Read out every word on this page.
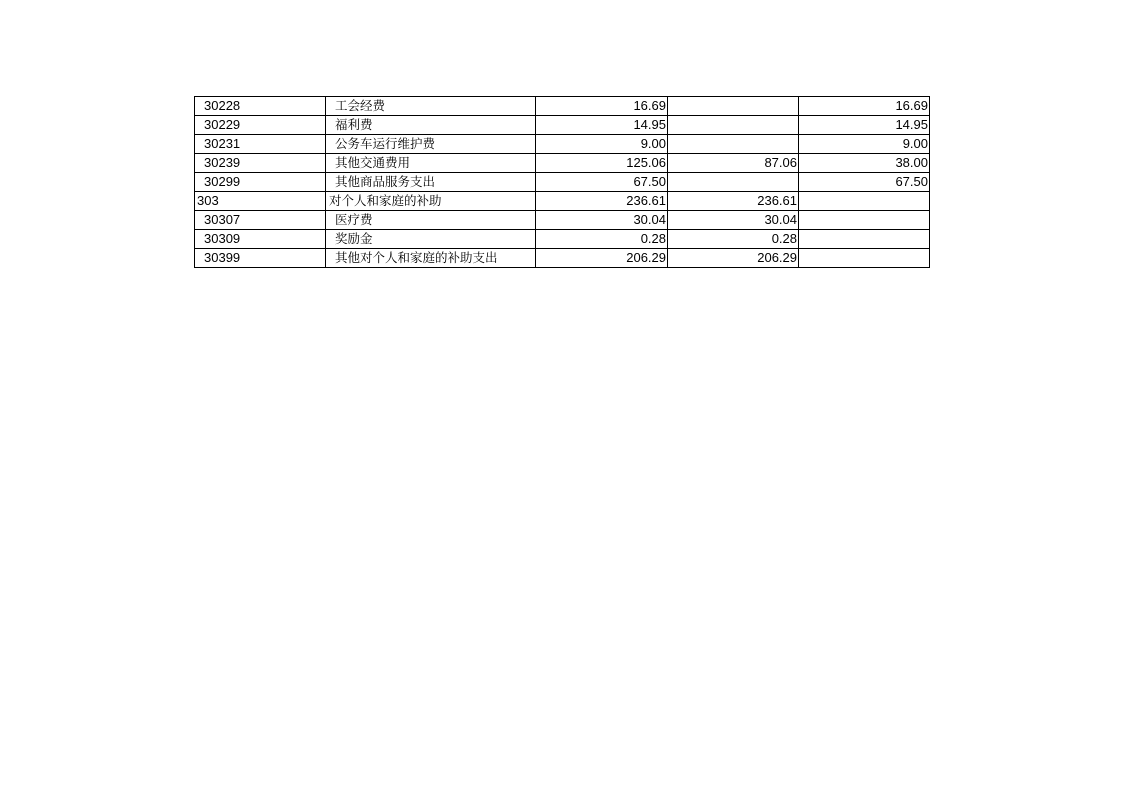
30228	工会经费	16.69		16.69
30229	福利费	14.95		14.95
30231	公务车运行维护费	9.00		9.00
30239	其他交通费用	125.06	87.06	38.00
30299	其他商品服务支出	67.50		67.50
303	对个人和家庭的补助	236.61	236.61	
30307	医疗费	30.04	30.04	
30309	奖励金	0.28	0.28	
30399	其他对个人和家庭的补助支出	206.29	206.29	
